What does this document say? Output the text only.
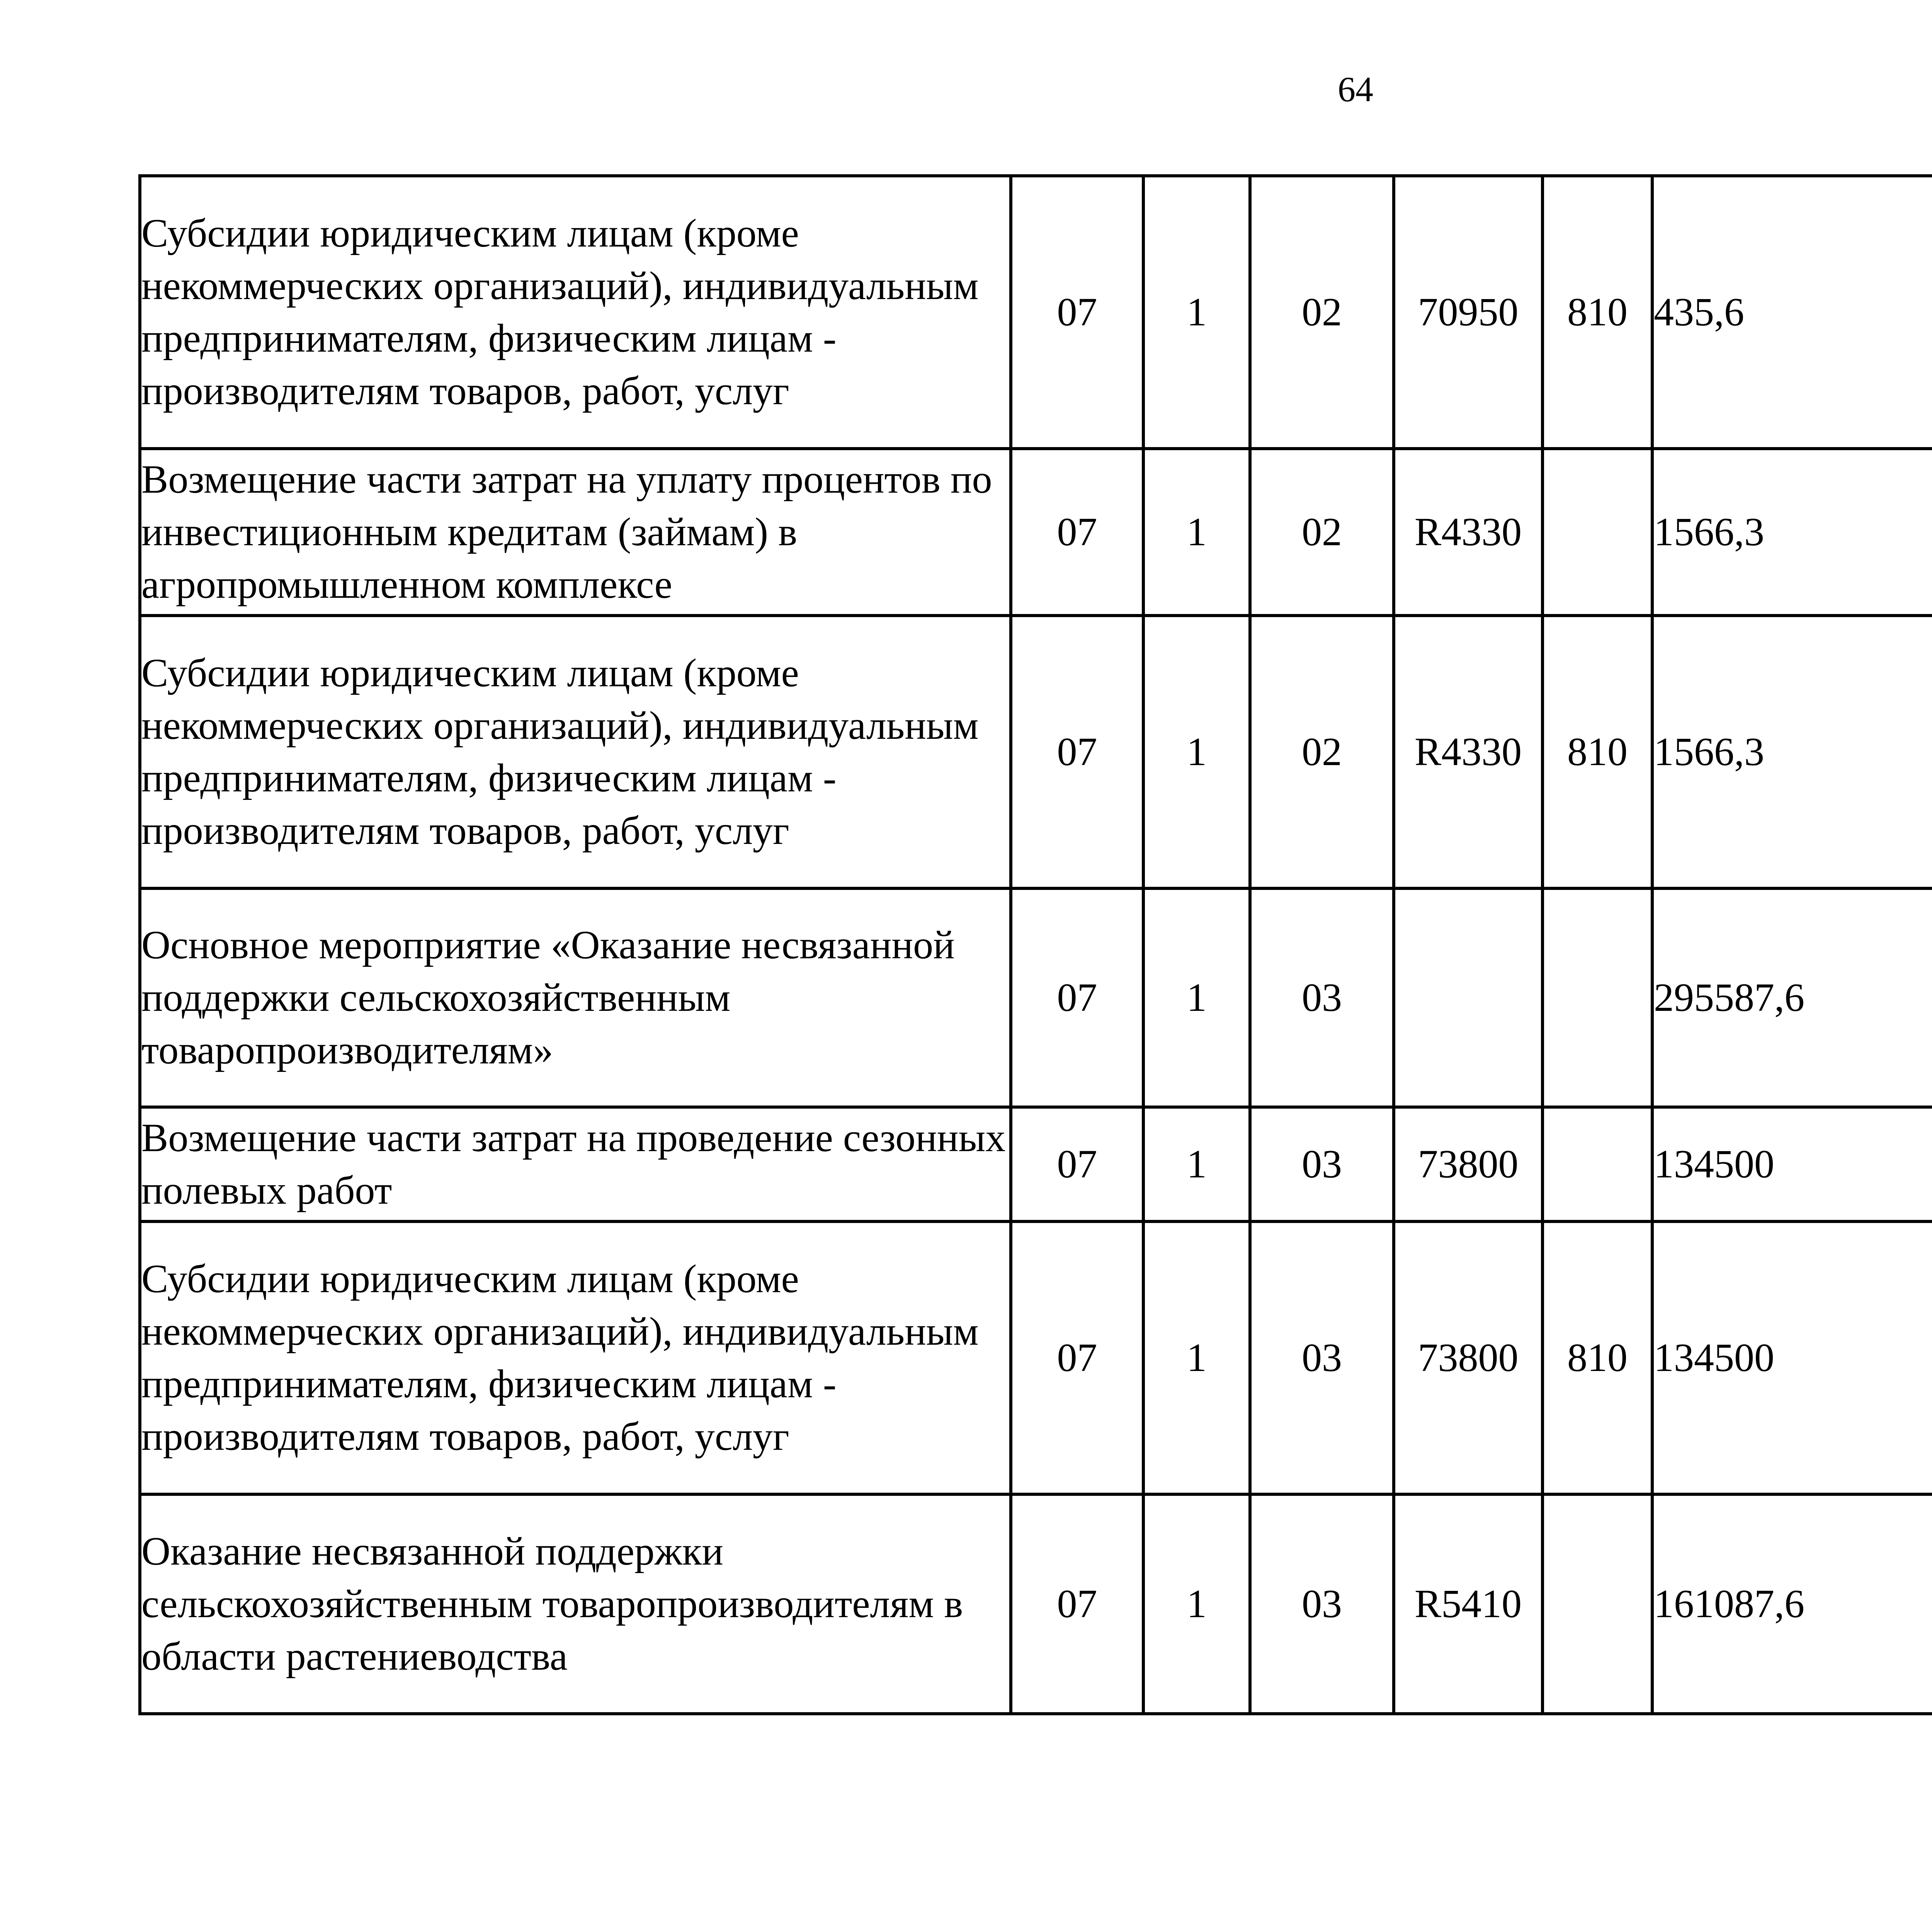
64
Субсидии юридическим лицам (кроме некоммерческих организаций), индивидуальным предпринимателям, физическим лицам - производителям товаров, работ, услуг	07	1	02	70950	810	435,6		
Возмещение части затрат на уплату процентов по инвестиционным кредитам (займам) в агропромышленном комплексе	07	1	02	R4330		1566,3		
Субсидии юридическим лицам (кроме некоммерческих организаций), индивидуальным предпринимателям, физическим лицам - производителям товаров, работ, услуг	07	1	02	R4330	810	1566,3		
Основное мероприятие «Оказание несвязанной поддержки сельскохозяйственным товаропроизводителям»	07	1	03			295587,6		
Возмещение части затрат на проведение сезонных полевых работ	07	1	03	73800		134500		
Субсидии юридическим лицам (кроме некоммерческих организаций), индивидуальным предпринимателям, физическим лицам - производителям товаров, работ, услуг	07	1	03	73800	810	134500		
Оказание несвязанной поддержки сельскохозяйственным товаропроизводителям в области растениеводства	07	1	03	R5410		161087,6		
